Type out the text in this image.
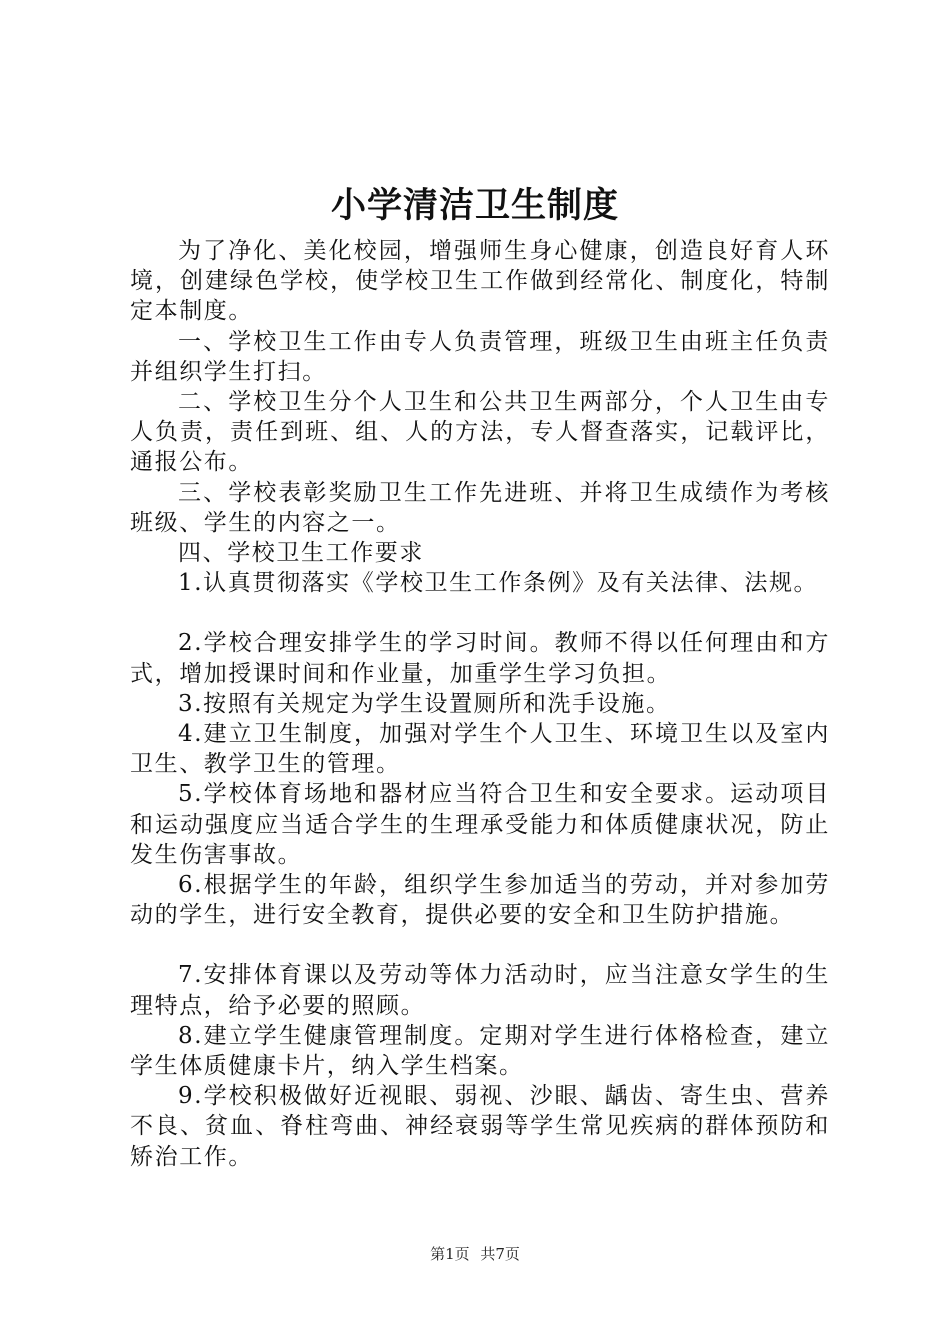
小学清洁卫生制度

为了净化、美化校园，增强师生身心健康，创造良好育人环境，创建绿色学校，使学校卫生工作做到经常化、制度化，特制定本制度。

一、学校卫生工作由专人负责管理，班级卫生由班主任负责并组织学生打扫。

二、学校卫生分个人卫生和公共卫生两部分，个人卫生由专人负责，责任到班、组、人的方法，专人督查落实，记载评比，通报公布。

三、学校表彰奖励卫生工作先进班、并将卫生成绩作为考核班级、学生的内容之一。

四、学校卫生工作要求

1.认真贯彻落实《学校卫生工作条例》及有关法律、法规。

2.学校合理安排学生的学习时间。教师不得以任何理由和方式，增加授课时间和作业量，加重学生学习负担。

3.按照有关规定为学生设置厕所和洗手设施。

4.建立卫生制度，加强对学生个人卫生、环境卫生以及室内卫生、教学卫生的管理。

5.学校体育场地和器材应当符合卫生和安全要求。运动项目和运动强度应当适合学生的生理承受能力和体质健康状况，防止发生伤害事故。

6.根据学生的年龄，组织学生参加适当的劳动，并对参加劳动的学生，进行安全教育，提供必要的安全和卫生防护措施。

7.安排体育课以及劳动等体力活动时，应当注意女学生的生理特点，给予必要的照顾。

8.建立学生健康管理制度。定期对学生进行体格检查，建立学生体质健康卡片，纳入学生档案。

9.学校积极做好近视眼、弱视、沙眼、龋齿、寄生虫、营养不良、贫血、脊柱弯曲、神经衰弱等学生常见疾病的群体预防和矫治工作。

第1页 共7页
